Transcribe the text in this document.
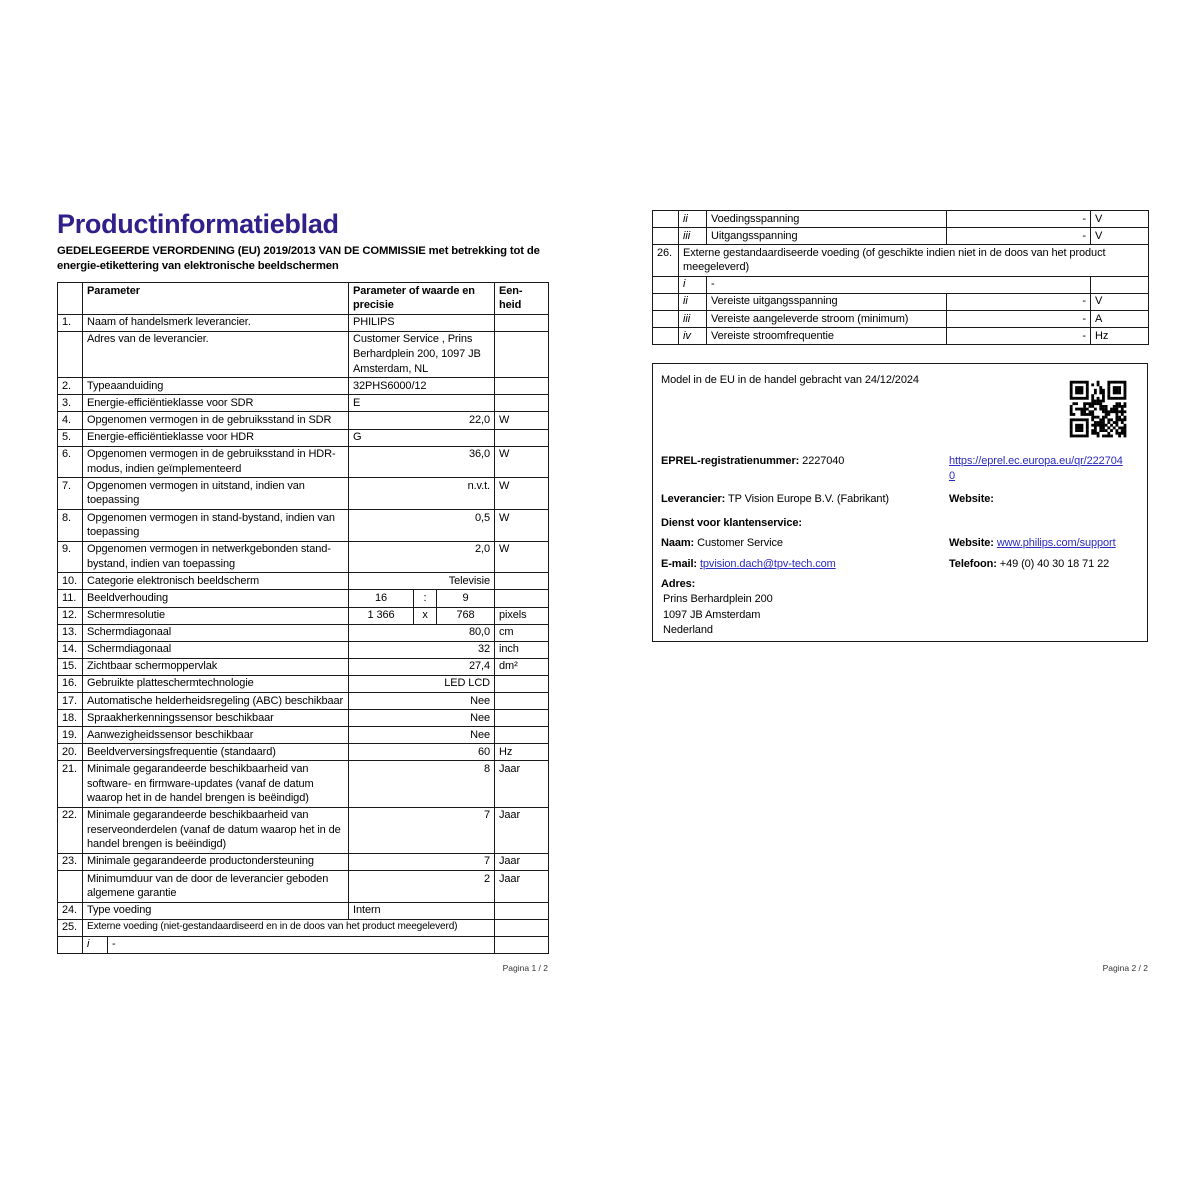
Productinformatieblad

GEDELEGEERDE VERORDENING (EU) 2019/2013 VAN DE COMMISSIE met betrekking tot de energie-etikettering van elektronische beeldschermen

	Parameter		Parameter of waarde en precisie			Een-heid
1.	Naam of handelsmerk leverancier.		PHILIPS			
	Adres van de leverancier.		Customer Service , Prins Berhardplein 200, 1097 JB Amsterdam, NL			
2.	Typeaanduiding		32PHS6000/12			
3.	Energie-efficiëntieklasse voor SDR		E			
4.	Opgenomen vermogen in de gebruiksstand in SDR		22,0			W
5.	Energie-efficiëntieklasse voor HDR		G			
6.	Opgenomen vermogen in de gebruiksstand in HDR-modus, indien geïmplementeerd		36,0			W
7.	Opgenomen vermogen in uitstand, indien van toepassing		n.v.t.			W
8.	Opgenomen vermogen in stand-bystand, indien van toepassing		0,5			W
9.	Opgenomen vermogen in netwerkgebonden stand-bystand, indien van toepassing		2,0			W
10.	Categorie elektronisch beeldscherm		Televisie			
11.	Beeldverhouding		16	:	9	
12.	Schermresolutie		1 366	x	768	pixels
13.	Schermdiagonaal		80,0			cm
14.	Schermdiagonaal		32			inch
15.	Zichtbaar schermoppervlak		27,4			dm²
16.	Gebruikte platteschermtechnologie		LED LCD			
17.	Automatische helderheidsregeling (ABC) beschikbaar		Nee			
18.	Spraakherkenningssensor beschikbaar		Nee			
19.	Aanwezigheidssensor beschikbaar		Nee			
20.	Beeldverversingsfrequentie (standaard)		60			Hz
21.	Minimale gegarandeerde beschikbaarheid van software- en firmware-updates (vanaf de datum waarop het in de handel brengen is beëindigd)		8			Jaar
22.	Minimale gegarandeerde beschikbaarheid van reserveonderdelen (vanaf de datum waarop het in de handel brengen is beëindigd)		7			Jaar
23.	Minimale gegarandeerde productondersteuning		7			Jaar
	Minimumduur van de door de leverancier geboden algemene garantie		2			Jaar
24.	Type voeding		Intern			
25.	Externe voeding (niet-gestandaardiseerd en in de doos van het product meegeleverd)					
	i	-				
	ii	Voedingsspanning	-	V
	iii	Uitgangsspanning	-	V
26.	Externe gestandaardiseerde voeding (of geschikte indien niet in de doos van het product meegeleverd)			
	i	-		
	ii	Vereiste uitgangsspanning	-	V
	iii	Vereiste aangeleverde stroom (minimum)	-	A
	iv	Vereiste stroomfrequentie	-	Hz
Model in de EU in de handel gebracht van 24/12/2024
EPREL-registratienummer: 2227040	https://eprel.ec.europa.eu/qr/2227040
Leverancier: TP Vision Europe B.V. (Fabrikant)	Website:
Dienst voor klantenservice:
Naam: Customer Service	Website: www.philips.com/support
E-mail: tpvision.dach@tpv-tech.com	Telefoon: +49 (0) 40 30 18 71 22
Adres:
Prins Berhardplein 200
1097 JB Amsterdam
Nederland
Pagina 1 / 2	Pagina 2 / 2
